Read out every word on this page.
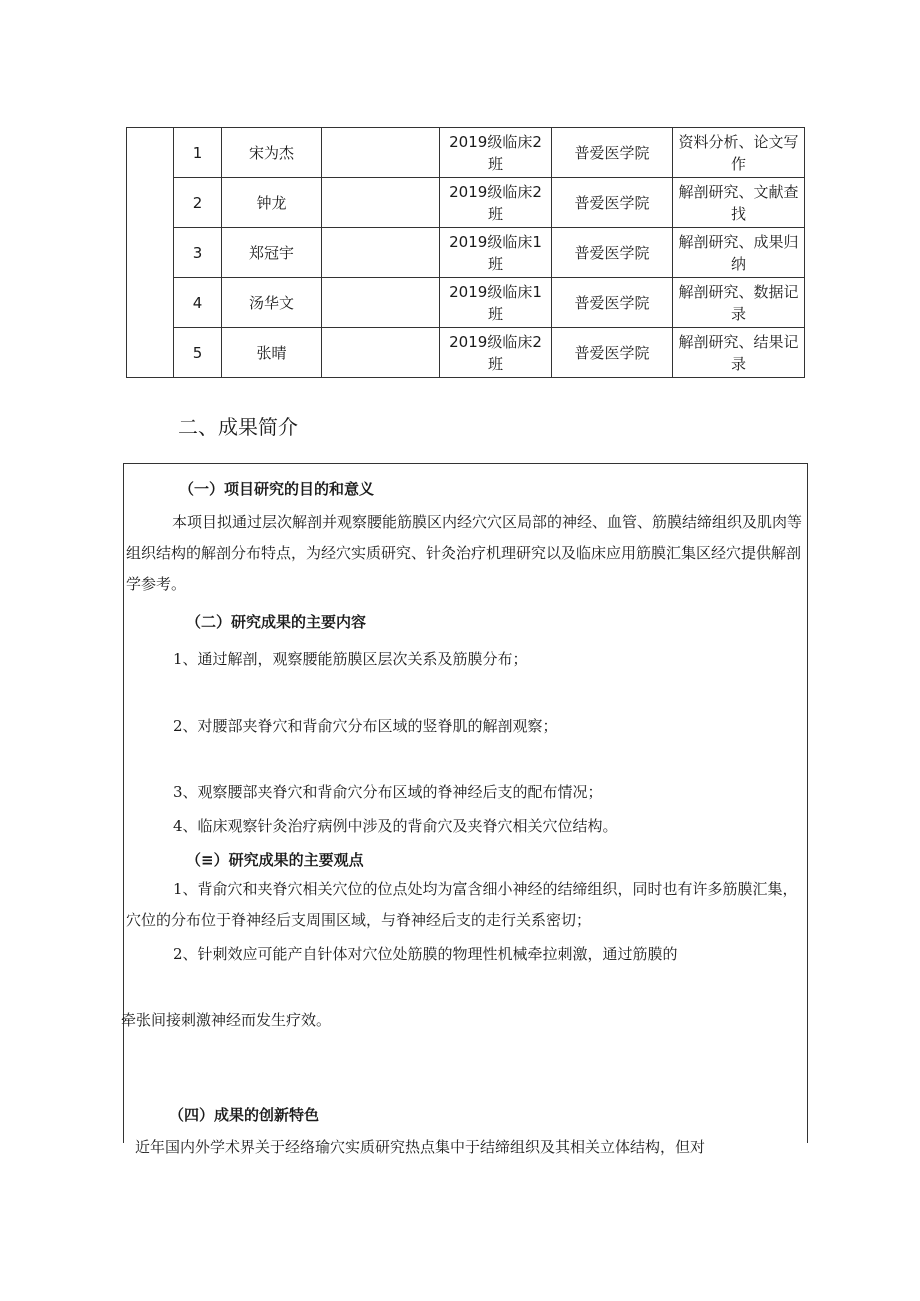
	1	宋为杰		2019级临床2班	普爱医学院	资料分析、论文写作
	2	钟龙		2019级临床2班	普爱医学院	解剖研究、文献查找
	3	郑冠宇		2019级临床1班	普爱医学院	解剖研究、成果归纳
	4	汤华文		2019级临床1班	普爱医学院	解剖研究、数据记录
	5	张晴		2019级临床2班	普爱医学院	解剖研究、结果记录
二、成果简介
（一）项目研究的目的和意义
本项目拟通过层次解剖并观察腰能筋膜区内经穴穴区局部的神经、血管、筋膜结缔组织及肌肉等组织结构的解剖分布特点，为经穴实质研究、针灸治疗机理研究以及临床应用筋膜汇集区经穴提供解剖学参考。
（二）研究成果的主要内容
1、通过解剖，观察腰能筋膜区层次关系及筋膜分布；
2、对腰部夹脊穴和背俞穴分布区域的竖脊肌的解剖观察；
3、观察腰部夹脊穴和背俞穴分布区域的脊神经后支的配布情况；
4、临床观察针灸治疗病例中涉及的背俞穴及夹脊穴相关穴位结构。
（≡）研究成果的主要观点
1、背俞穴和夹脊穴相关穴位的位点处均为富含细小神经的结缔组织，同时也有许多筋膜汇集，穴位的分布位于脊神经后支周围区域，与脊神经后支的走行关系密切；
2、针刺效应可能产自针体对穴位处筋膜的物理性机械牵拉刺激，通过筋膜的
牵张间接刺激神经而发生疗效。
（四）成果的创新特色
近年国内外学术界关于经络瑜穴实质研究热点集中于结缔组织及其相关立体结构，但对
